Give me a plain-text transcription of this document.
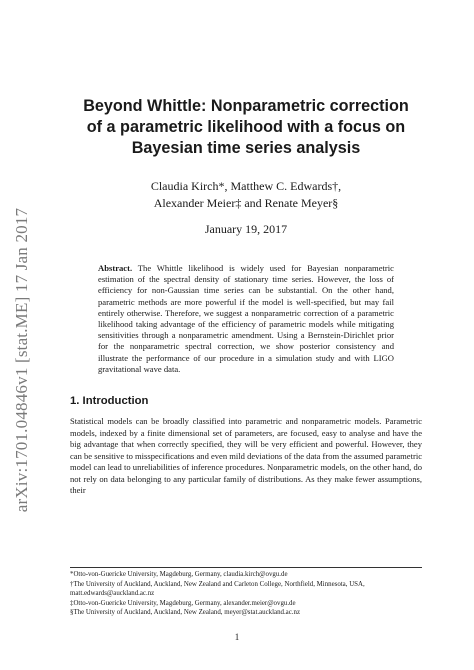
arXiv:1701.04846v1 [stat.ME] 17 Jan 2017
Beyond Whittle: Nonparametric correction
of a parametric likelihood with a focus on
Bayesian time series analysis
Claudia Kirch*, Matthew C. Edwards†,
Alexander Meier‡ and Renate Meyer§
January 19, 2017
Abstract. The Whittle likelihood is widely used for Bayesian nonparametric estimation of the spectral density of stationary time series. However, the loss of efficiency for non-Gaussian time series can be substantial. On the other hand, parametric methods are more powerful if the model is well-specified, but may fail entirely otherwise. Therefore, we suggest a nonparametric correction of a parametric likelihood taking advantage of the efficiency of parametric models while mitigating sensitivities through a nonparametric amendment. Using a Bernstein-Dirichlet prior for the nonparametric spectral correction, we show posterior consistency and illustrate the performance of our procedure in a simulation study and with LIGO gravitational wave data.
1. Introduction
Statistical models can be broadly classified into parametric and nonparametric models. Parametric models, indexed by a finite dimensional set of parameters, are focused, easy to analyse and have the big advantage that when correctly specified, they will be very efficient and powerful. However, they can be sensitive to misspecifications and even mild deviations of the data from the assumed parametric model can lead to unreliabilities of inference procedures. Nonparametric models, on the other hand, do not rely on data belonging to any particular family of distributions. As they make fewer assumptions, their
*Otto-von-Guericke University, Magdeburg, Germany, claudia.kirch@ovgu.de
†The University of Auckland, Auckland, New Zealand and Carleton College, Northfield, Minnesota, USA, matt.edwards@auckland.ac.nz
‡Otto-von-Guericke University, Magdeburg, Germany, alexander.meier@ovgu.de
§The University of Auckland, Auckland, New Zealand, meyer@stat.auckland.ac.nz
1
